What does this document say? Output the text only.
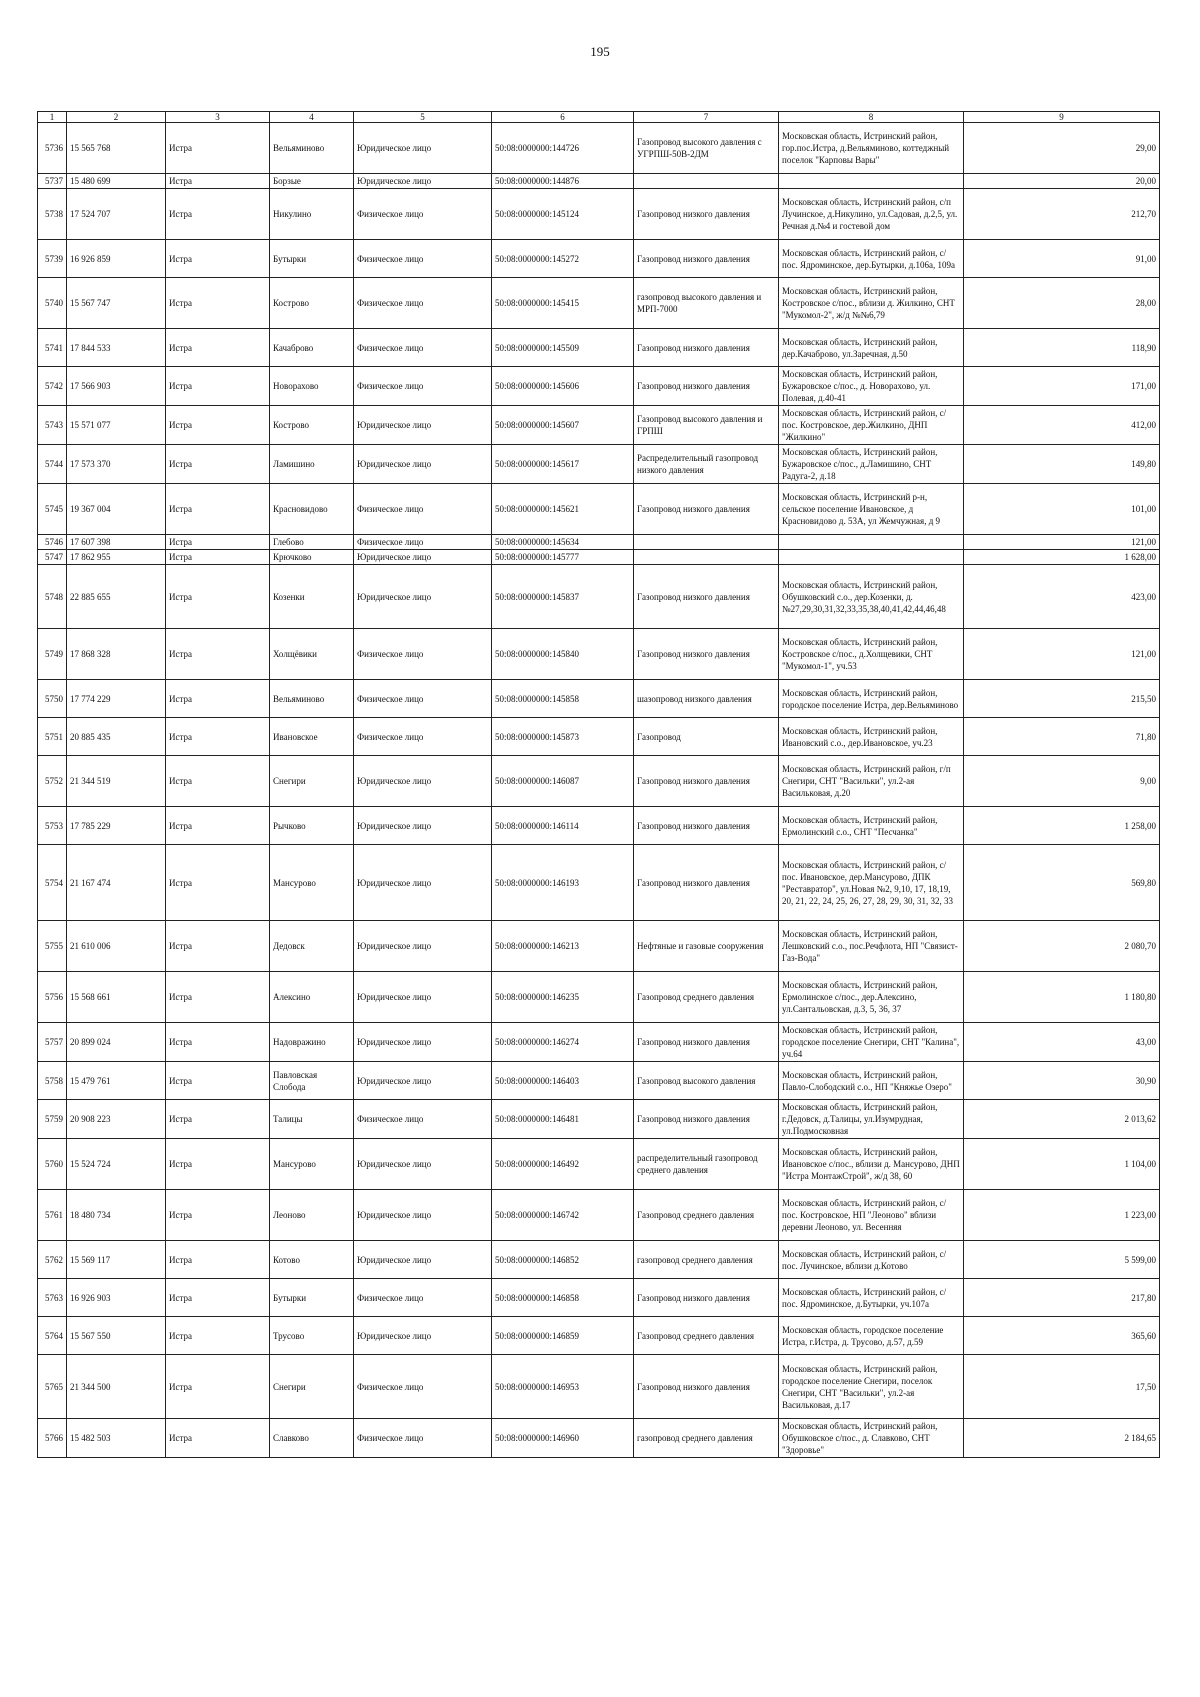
195
1	2	3	4	5	6	7	8	9
5736	15 565 768	Истра	Вельяминово	Юридическое лицо	50:08:0000000:144726	Газопровод высокого давления с УГРПШ-50В-2ДМ	Московская область, Истринский район, гор.пос.Истра, д.Вельяминово, коттеджный поселок "Карповы Вары"	29,00
5737	15 480 699	Истра	Борзые	Юридическое лицо	50:08:0000000:144876			20,00
5738	17 524 707	Истра	Никулино	Физическое лицо	50:08:0000000:145124	Газопровод низкого давления	Московская область, Истринский район, с/п Лучинское, д.Никулино, ул.Садовая, д.2,5, ул. Речная д.№4 и гостевой дом	212,70
5739	16 926 859	Истра	Бутырки	Физическое лицо	50:08:0000000:145272	Газопровод низкого давления	Московская область, Истринский район, с/пос. Ядроминское, дер.Бутырки, д.106а, 109а	91,00
5740	15 567 747	Истра	Кострово	Физическое лицо	50:08:0000000:145415	газопровод высокого давления и МРП-7000	Московская область, Истринский район, Костровское с/пос., вблизи д. Жилкино, СНТ "Мукомол-2", ж/д №№6,79	28,00
5741	17 844 533	Истра	Качаброво	Физическое лицо	50:08:0000000:145509	Газопровод низкого давления	Московская область, Истринский район, дер.Качаброво, ул.Заречная, д.50	118,90
5742	17 566 903	Истра	Новорахово	Физическое лицо	50:08:0000000:145606	Газопровод низкого давления	Московская область, Истринский район, Бужаровское с/пос., д. Новорахово, ул. Полевая, д.40-41	171,00
5743	15 571 077	Истра	Кострово	Юридическое лицо	50:08:0000000:145607	Газопровод высокого давления и ГРПШ	Московская область, Истринский район, с/пос. Костровское, дер.Жилкино, ДНП "Жилкино"	412,00
5744	17 573 370	Истра	Ламишино	Юридическое лицо	50:08:0000000:145617	Распределительный газопровод низкого давления	Московская область, Истринский район, Бужаровское с/пос., д.Ламишино, СНТ Радуга-2, д.18	149,80
5745	19 367 004	Истра	Красновидово	Физическое лицо	50:08:0000000:145621	Газопровод низкого давления	Московская область, Истринский р-н, сельское поселение Ивановское, д Красновидово д. 53А, ул Жемчужная, д 9	101,00
5746	17 607 398	Истра	Глебово	Физическое лицо	50:08:0000000:145634			121,00
5747	17 862 955	Истра	Крючково	Юридическое лицо	50:08:0000000:145777			1 628,00
5748	22 885 655	Истра	Козенки	Юридическое лицо	50:08:0000000:145837	Газопровод низкого давления	Московская область, Истринский район, Обушковский с.о., дер.Козенки, д. №27,29,30,31,32,33,35,38,40,41,42,44,46,48	423,00
5749	17 868 328	Истра	Холщёвики	Физическое лицо	50:08:0000000:145840	Газопровод низкого давления	Московская область, Истринский район, Костровское с/пос., д.Холщевики, СНТ "Мукомол-1", уч.53	121,00
5750	17 774 229	Истра	Вельяминово	Физическое лицо	50:08:0000000:145858	шазопровод низкого давления	Московская область, Истринский район, городское поселение Истра, дер.Вельяминово	215,50
5751	20 885 435	Истра	Ивановское	Физическое лицо	50:08:0000000:145873	Газопровод	Московская область, Истринский район, Ивановский с.о., дер.Ивановское, уч.23	71,80
5752	21 344 519	Истра	Снегири	Юридическое лицо	50:08:0000000:146087	Газопровод низкого давления	Московская область, Истринский район, г/п Снегири, СНТ "Васильки", ул.2-ая Васильковая, д.20	9,00
5753	17 785 229	Истра	Рычково	Юридическое лицо	50:08:0000000:146114	Газопровод низкого давления	Московская область, Истринский район, Ермолинский с.о., СНТ "Песчанка"	1 258,00
5754	21 167 474	Истра	Мансурово	Юридическое лицо	50:08:0000000:146193	Газопровод низкого давления	Московская область, Истринский район, с/пос. Ивановское, дер.Мансурово, ДПК "Реставратор", ул.Новая №2, 9,10, 17, 18,19, 20, 21, 22, 24, 25, 26, 27, 28, 29, 30, 31, 32, 33	569,80
5755	21 610 006	Истра	Дедовск	Юридическое лицо	50:08:0000000:146213	Нефтяные и газовые сооружения	Московская область, Истринский район, Лешковский с.о., пос.Речфлота, НП "Связист-Газ-Вода"	2 080,70
5756	15 568 661	Истра	Алексино	Юридическое лицо	50:08:0000000:146235	Газопровод среднего давления	Московская область, Истринский район, Ермолинское с/пос., дер.Алексино, ул.Сантальовская, д.3, 5, 36, 37	1 180,80
5757	20 899 024	Истра	Надовражино	Юридическое лицо	50:08:0000000:146274	Газопровод низкого давления	Московская область, Истринский район, городское поселение Снегири, СНТ "Калина", уч.64	43,00
5758	15 479 761	Истра	Павловская Слобода	Юридическое лицо	50:08:0000000:146403	Газопровод высокого давления	Московская область, Истринский район, Павло-Слободский с.о., НП "Княжье Озеро"	30,90
5759	20 908 223	Истра	Талицы	Физическое лицо	50:08:0000000:146481	Газопровод низкого давления	Московская область, Истринский район, г.Дедовск, д.Талицы, ул.Изумрудная, ул.Подмосковная	2 013,62
5760	15 524 724	Истра	Мансурово	Юридическое лицо	50:08:0000000:146492	распределительный газопровод среднего давления	Московская область, Истринский район, Ивановское с/пос., вблизи д. Мансурово, ДНП "Истра МонтажСтрой", ж/д 38, 60	1 104,00
5761	18 480 734	Истра	Леоново	Юридическое лицо	50:08:0000000:146742	Газопровод среднего давления	Московская область, Истринский район, с/пос. Костровское, НП "Леоново" вблизи деревни Леоново, ул. Весенняя	1 223,00
5762	15 569 117	Истра	Котово	Юридическое лицо	50:08:0000000:146852	газопровод среднего давления	Московская область, Истринский район, с/пос. Лучинское, вблизи д.Котово	5 599,00
5763	16 926 903	Истра	Бутырки	Физическое лицо	50:08:0000000:146858	Газопровод низкого давления	Московская область, Истринский район, с/пос. Ядроминское, д.Бутырки, уч.107а	217,80
5764	15 567 550	Истра	Трусово	Юридическое лицо	50:08:0000000:146859	Газопровод среднего давления	Московская область, городское поселение Истра, г.Истра, д. Трусово, д.57, д.59	365,60
5765	21 344 500	Истра	Снегири	Физическое лицо	50:08:0000000:146953	Газопровод низкого давления	Московская область, Истринский район, городское поселение Снегири, поселок Снегири, СНТ "Васильки", ул.2-ая Васильковая, д.17	17,50
5766	15 482 503	Истра	Славково	Физическое лицо	50:08:0000000:146960	газопровод среднего давления	Московская область, Истринский район, Обушковское с/пос., д. Славково, СНТ "Здоровье"	2 184,65
